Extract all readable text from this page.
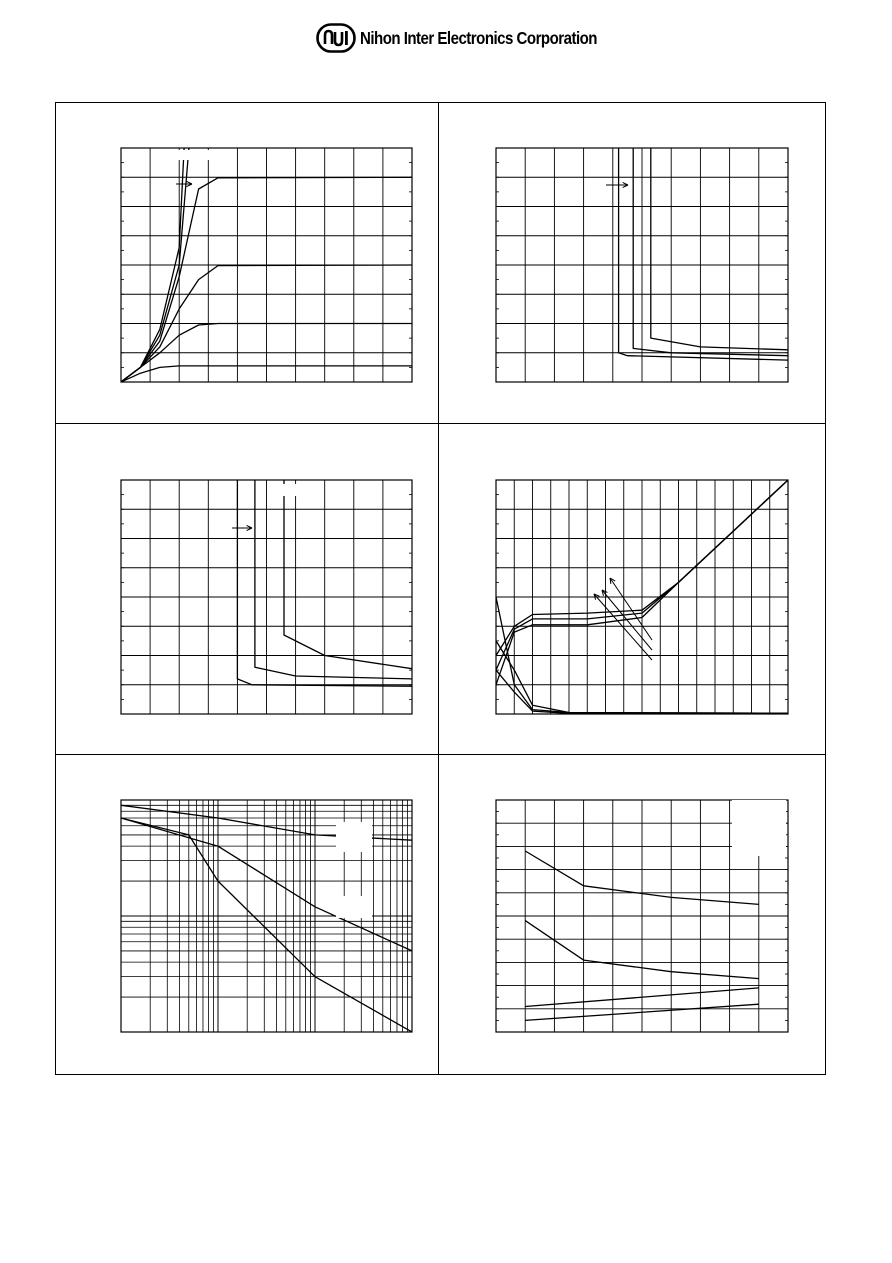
Nihon Inter Electronics Corporation
